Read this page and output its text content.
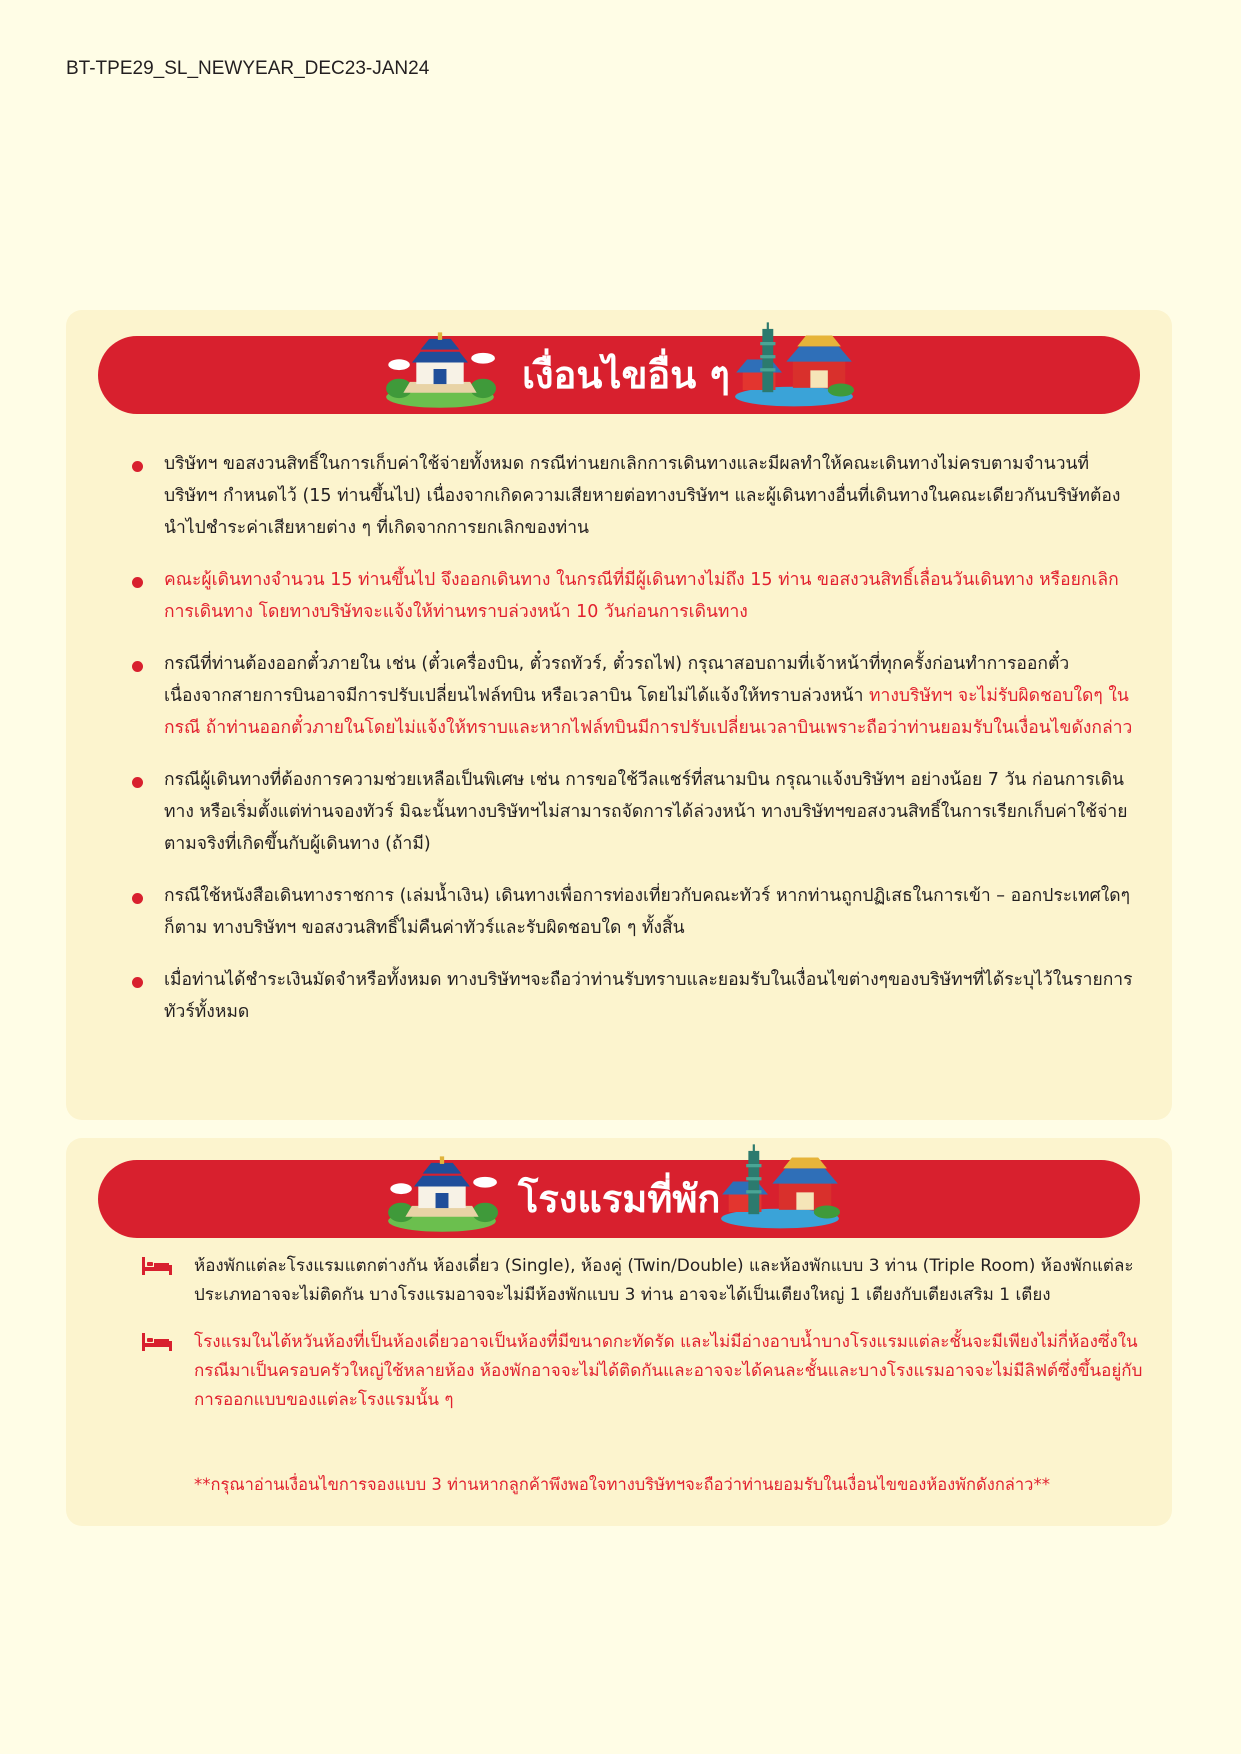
BT-TPE29_SL_NEWYEAR_DEC23-JAN24
เงื่อนไขอื่น ๆ
บริษัทฯ ขอสงวนสิทธิ์ในการเก็บค่าใช้จ่ายทั้งหมด กรณีท่านยกเลิกการเดินทางและมีผลทำให้คณะเดินทางไม่ครบตามจำนวนที่บริษัทฯ กำหนดไว้ (15 ท่านขึ้นไป) เนื่องจากเกิดความเสียหายต่อทางบริษัทฯ และผู้เดินทางอื่นที่เดินทางในคณะเดียวกันบริษัทต้องนำไปชำระค่าเสียหายต่าง ๆ ที่เกิดจากการยกเลิกของท่าน
คณะผู้เดินทางจำนวน 15 ท่านขึ้นไป จึงออกเดินทาง ในกรณีที่มีผู้เดินทางไม่ถึง 15 ท่าน ขอสงวนสิทธิ์เลื่อนวันเดินทาง หรือยกเลิกการเดินทาง โดยทางบริษัทจะแจ้งให้ท่านทราบล่วงหน้า 10 วันก่อนการเดินทาง
กรณีที่ท่านต้องออกตั๋วภายใน เช่น (ตั๋วเครื่องบิน, ตั๋วรถทัวร์, ตั๋วรถไฟ) กรุณาสอบถามที่เจ้าหน้าที่ทุกครั้งก่อนทำการออกตั๋ว เนื่องจากสายการบินอาจมีการปรับเปลี่ยนไฟล์ทบิน หรือเวลาบิน โดยไม่ได้แจ้งให้ทราบล่วงหน้า ทางบริษัทฯ จะไม่รับผิดชอบใดๆ ในกรณี ถ้าท่านออกตั๋วภายในโดยไม่แจ้งให้ทราบและหากไฟล์ทบินมีการปรับเปลี่ยนเวลาบินเพราะถือว่าท่านยอมรับในเงื่อนไขดังกล่าว
กรณีผู้เดินทางที่ต้องการความช่วยเหลือเป็นพิเศษ เช่น การขอใช้วีลแชร์ที่สนามบิน กรุณาแจ้งบริษัทฯ อย่างน้อย 7 วัน ก่อนการเดินทาง หรือเริ่มตั้งแต่ท่านจองทัวร์ มิฉะนั้นทางบริษัทฯไม่สามารถจัดการได้ล่วงหน้า ทางบริษัทฯขอสงวนสิทธิ์ในการเรียกเก็บค่าใช้จ่ายตามจริงที่เกิดขึ้นกับผู้เดินทาง (ถ้ามี)
กรณีใช้หนังสือเดินทางราชการ (เล่มน้ำเงิน) เดินทางเพื่อการท่องเที่ยวกับคณะทัวร์ หากท่านถูกปฏิเสธในการเข้า – ออกประเทศใดๆ ก็ตาม ทางบริษัทฯ ขอสงวนสิทธิ์ไม่คืนค่าทัวร์และรับผิดชอบใด ๆ ทั้งสิ้น
เมื่อท่านได้ชำระเงินมัดจำหรือทั้งหมด ทางบริษัทฯจะถือว่าท่านรับทราบและยอมรับในเงื่อนไขต่างๆของบริษัทฯที่ได้ระบุไว้ในรายการทัวร์ทั้งหมด
โรงแรมที่พัก
ห้องพักแต่ละโรงแรมแตกต่างกัน ห้องเดี่ยว (Single), ห้องคู่ (Twin/Double) และห้องพักแบบ 3 ท่าน (Triple Room) ห้องพักแต่ละประเภทอาจจะไม่ติดกัน บางโรงแรมอาจจะไม่มีห้องพักแบบ 3 ท่าน อาจจะได้เป็นเตียงใหญ่ 1 เตียงกับเตียงเสริม 1 เตียง
โรงแรมในไต้หวันห้องที่เป็นห้องเดี่ยวอาจเป็นห้องที่มีขนาดกะทัดรัด และไม่มีอ่างอาบน้ำบางโรงแรมแต่ละชั้นจะมีเพียงไม่กี่ห้องซึ่งในกรณีมาเป็นครอบครัวใหญ่ใช้หลายห้อง ห้องพักอาจจะไม่ได้ติดกันและอาจจะได้คนละชั้นและบางโรงแรมอาจจะไม่มีลิฟต์ซึ่งขึ้นอยู่กับการออกแบบของแต่ละโรงแรมนั้น ๆ
**กรุณาอ่านเงื่อนไขการจองแบบ 3 ท่านหากลูกค้าพึงพอใจทางบริษัทฯจะถือว่าท่านยอมรับในเงื่อนไขของห้องพักดังกล่าว**
